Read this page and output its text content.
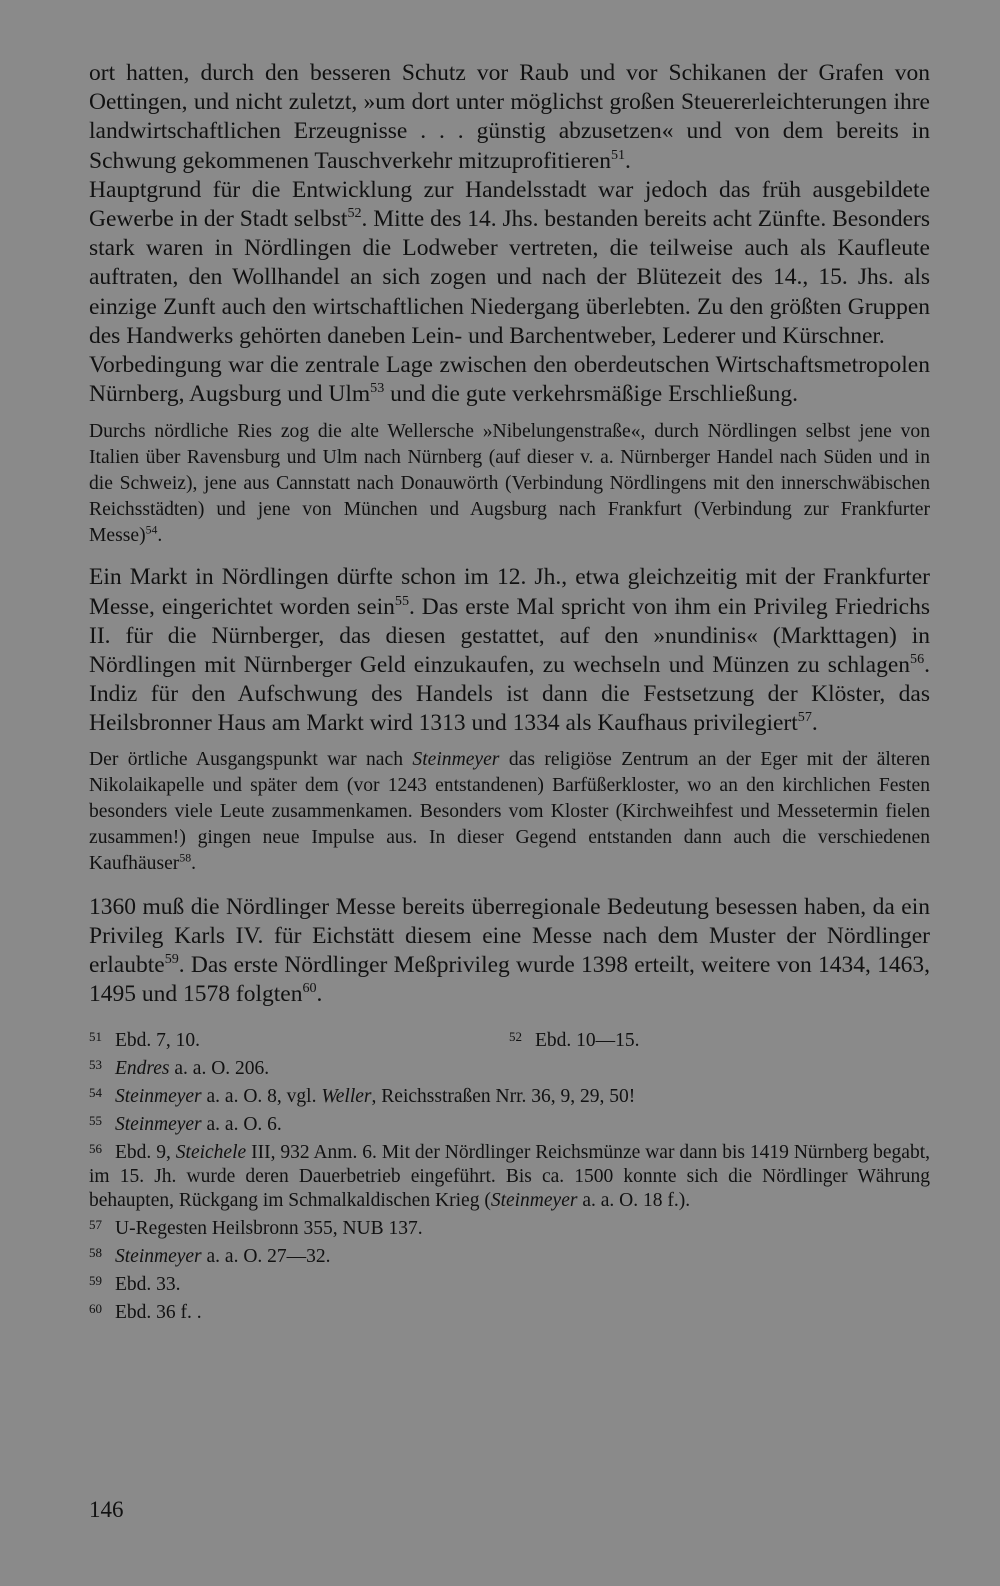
ort hatten, durch den besseren Schutz vor Raub und vor Schikanen der Grafen von Oettingen, und nicht zuletzt, »um dort unter möglichst großen Steuererleichterungen ihre landwirtschaftlichen Erzeugnisse . . . günstig abzusetzen« und von dem bereits in Schwung gekommenen Tauschverkehr mitzuprofitieren$^{51}$.

Hauptgrund für die Entwicklung zur Handelsstadt war jedoch das früh ausgebildete Gewerbe in der Stadt selbst$^{52}$. Mitte des 14. Jhs. bestanden bereits acht Zünfte. Besonders stark waren in Nördlingen die Lodweber vertreten, die teilweise auch als Kaufleute auftraten, den Wollhandel an sich zogen und nach der Blütezeit des 14., 15. Jhs. als einzige Zunft auch den wirtschaftlichen Niedergang überlebten. Zu den größten Gruppen des Handwerks gehörten daneben Lein- und Barchentweber, Lederer und Kürschner.

Vorbedingung war die zentrale Lage zwischen den oberdeutschen Wirtschaftsmetropolen Nürnberg, Augsburg und Ulm$^{53}$ und die gute verkehrsmäßige Erschließung.

Durchs nördliche Ries zog die alte Wellersche »Nibelungenstraße«, durch Nördlingen selbst jene von Italien über Ravensburg und Ulm nach Nürnberg (auf dieser v. a. Nürnberger Handel nach Süden und in die Schweiz), jene aus Cannstatt nach Donauwörth (Verbindung Nördlingens mit den innerschwäbischen Reichsstädten) und jene von München und Augsburg nach Frankfurt (Verbindung zur Frankfurter Messe)$^{54}$.

Ein Markt in Nördlingen dürfte schon im 12. Jh., etwa gleichzeitig mit der Frankfurter Messe, eingerichtet worden sein$^{55}$. Das erste Mal spricht von ihm ein Privileg Friedrichs II. für die Nürnberger, das diesen gestattet, auf den »nundinis« (Markttagen) in Nördlingen mit Nürnberger Geld einzukaufen, zu wechseln und Münzen zu schlagen$^{56}$. Indiz für den Aufschwung des Handels ist dann die Festsetzung der Klöster, das Heilsbronner Haus am Markt wird 1313 und 1334 als Kaufhaus privilegiert$^{57}$.

Der örtliche Ausgangspunkt war nach Steinmeyer das religiöse Zentrum an der Eger mit der älteren Nikolaikapelle und später dem (vor 1243 entstandenen) Barfüßerkloster, wo an den kirchlichen Festen besonders viele Leute zusammenkamen. Besonders vom Kloster (Kirchweihfest und Messetermin fielen zusammen!) gingen neue Impulse aus. In dieser Gegend entstanden dann auch die verschiedenen Kaufhäuser$^{58}$.

1360 muß die Nördlinger Messe bereits überregionale Bedeutung besessen haben, da ein Privileg Karls IV. für Eichstätt diesem eine Messe nach dem Muster der Nördlinger erlaubte$^{59}$. Das erste Nördlinger Meßprivileg wurde 1398 erteilt, weitere von 1434, 1463, 1495 und 1578 folgten$^{60}$.

51 Ebd. 7, 10.	52 Ebd. 10—15.

53 Endres a. a. O. 206.

54 Steinmeyer a. a. O. 8, vgl. Weller, Reichsstraßen Nrr. 36, 9, 29, 50!

55 Steinmeyer a. a. O. 6.

56 Ebd. 9, Steichele III, 932 Anm. 6. Mit der Nördlinger Reichsmünze war dann bis 1419 Nürnberg begabt, im 15. Jh. wurde deren Dauerbetrieb eingeführt. Bis ca. 1500 konnte sich die Nördlinger Währung behaupten, Rückgang im Schmalkaldischen Krieg (Steinmeyer a. a. O. 18 f.).

57 U-Regesten Heilsbronn 355, NUB 137.

58 Steinmeyer a. a. O. 27—32.

59 Ebd. 33.

60 Ebd. 36 f. .

146
